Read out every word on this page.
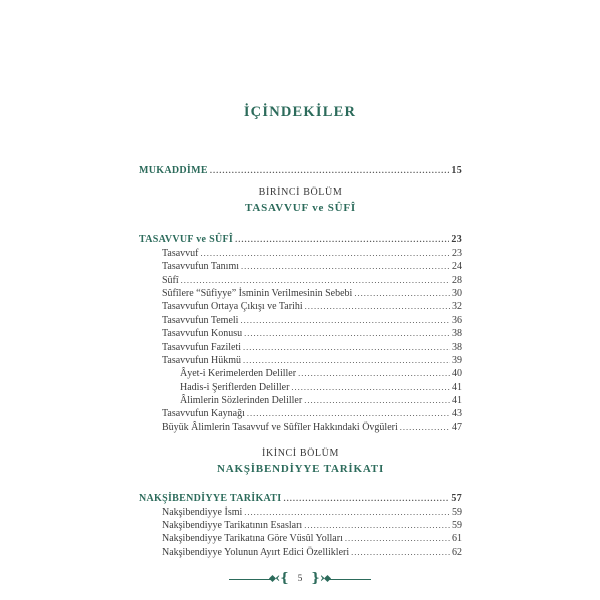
İÇİNDEKİLER
MUKADDİME .....	15
BİRİNCİ BÖLÜM
TASAVVUF ve SÛFÎ
TASAVVUF ve SÛFÎ .....	23
Tasavvuf .....	23
Tasavvufun Tanımı .....	24
Sûfî .....	28
Sûfîlere “Sûfiyye” İsminin Verilmesinin Sebebi .....	30
Tasavvufun Ortaya Çıkışı ve Tarihi .....	32
Tasavvufun Temeli .....	36
Tasavvufun Konusu .....	38
Tasavvufun Fazileti .....	38
Tasavvufun Hükmü .....	39
Âyet-i Kerimelerden Deliller .....	40
Hadis-i Şeriflerden Deliller .....	41
Âlimlerin Sözlerinden Deliller .....	41
Tasavvufun Kaynağı .....	43
Büyük Âlimlerin Tasavvuf ve Sûfîler Hakkındaki Övgüleri .....	47
İKİNCİ BÖLÜM
NAKŞİBENDİYYE TARİKATI
NAKŞİBENDİYYE TARİKATI .....	57
Nakşibendiyye İsmi .....	59
Nakşibendiyye Tarikatının Esasları .....	59
Nakşibendiyye Tarikatına Göre Vüsûl Yolları .....	61
Nakşibendiyye Yolunun Ayırt Edici Özellikleri .....	62
‹{ 5 }›
